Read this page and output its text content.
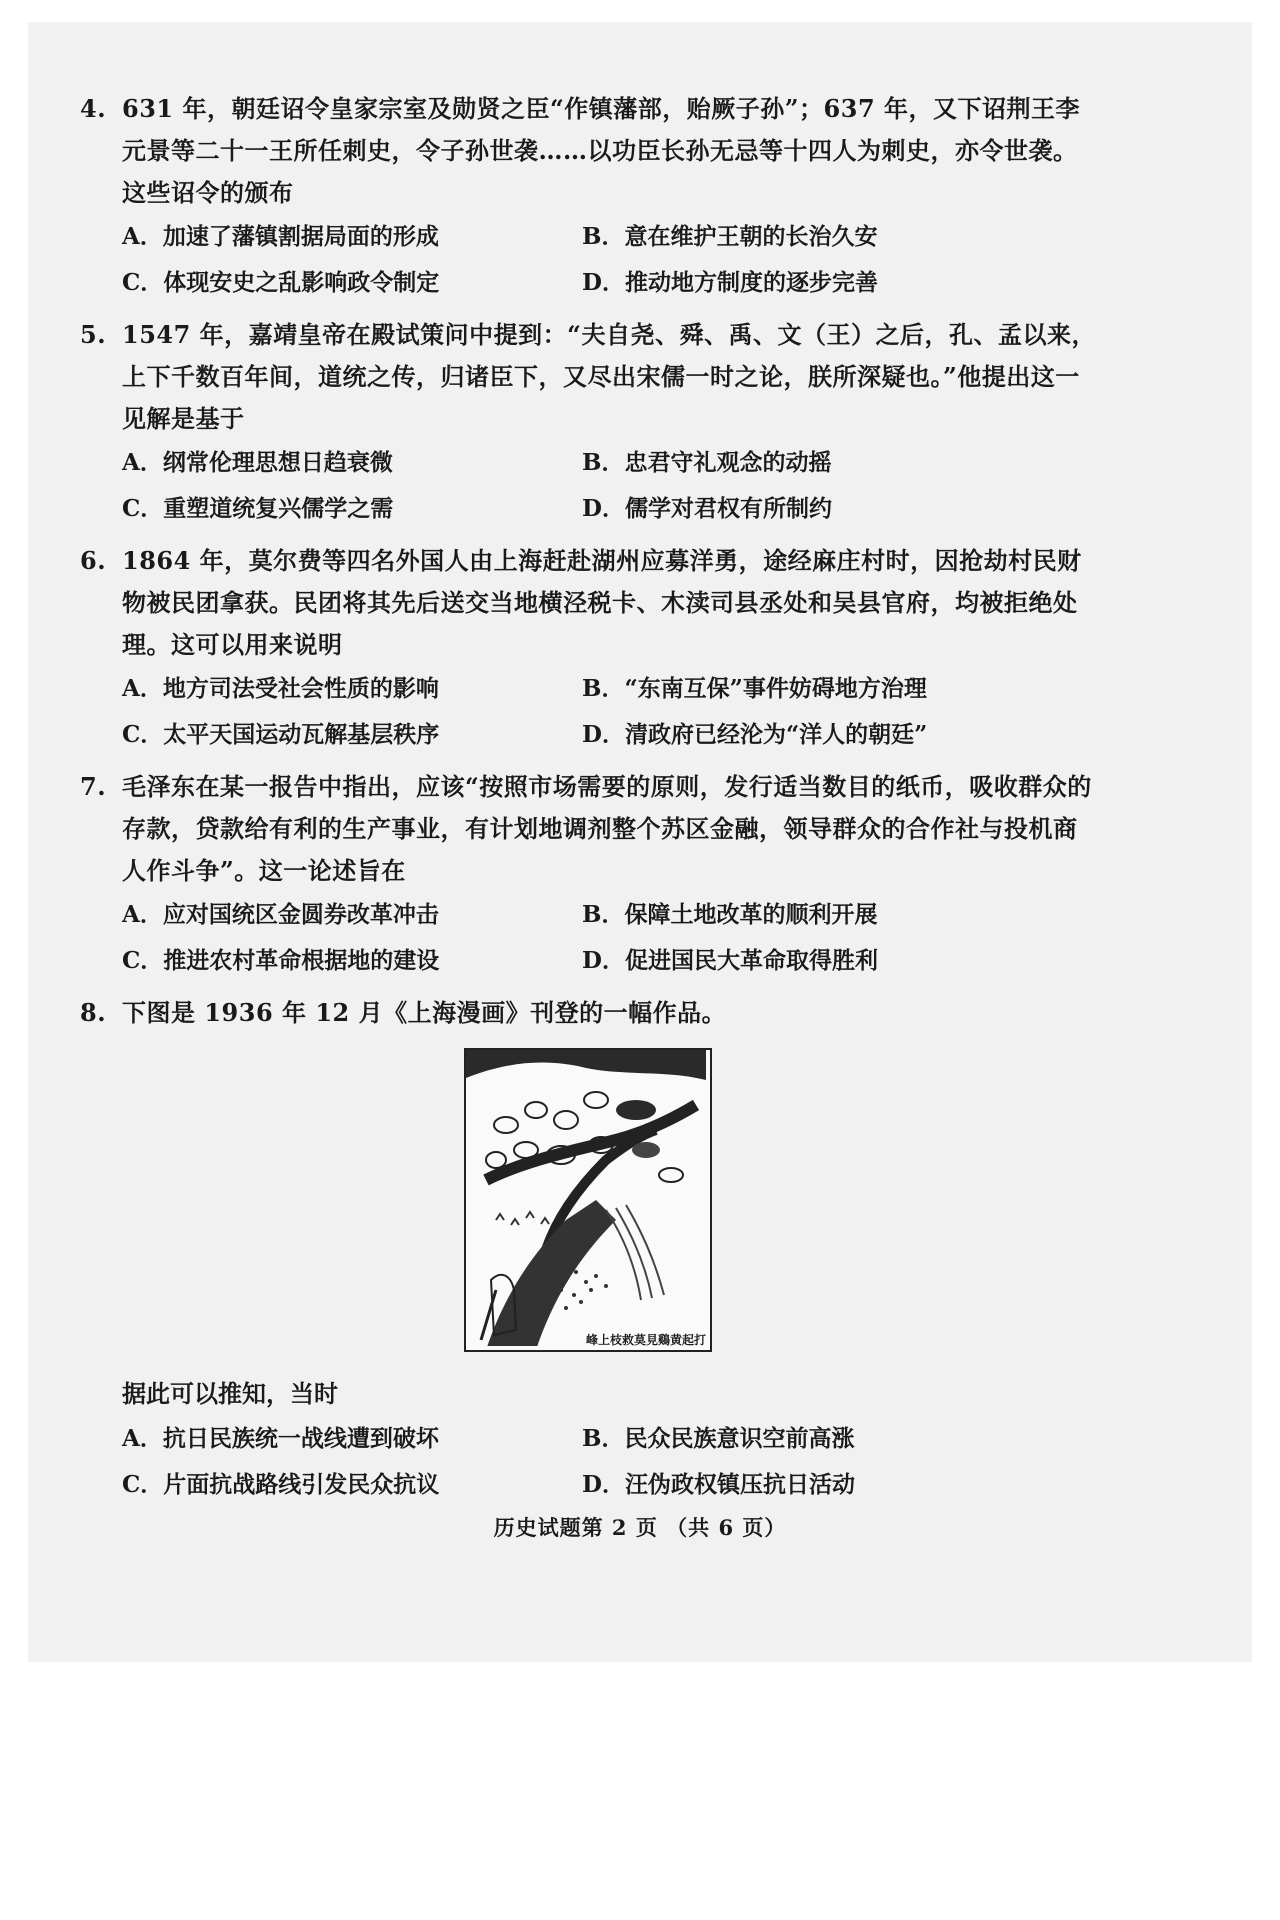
4. 631 年，朝廷诏令皇家宗室及勋贤之臣“作镇藩部，贻厥子孙”；637 年，又下诏荆王李元景等二十一王所任刺史，令子孙世袭……以功臣长孙无忌等十四人为刺史，亦令世袭。这些诏令的颁布
A．加速了藩镇割据局面的形成	B．意在维护王朝的长治久安
C．体现安史之乱影响政令制定	D．推动地方制度的逐步完善
5. 1547 年，嘉靖皇帝在殿试策问中提到：“夫自尧、舜、禹、文（王）之后，孔、孟以来，上下千数百年间，道统之传，归诸臣下，又尽出宋儒一时之论，朕所深疑也。”他提出这一见解是基于
A．纲常伦理思想日趋衰微	B．忠君守礼观念的动摇
C．重塑道统复兴儒学之需	D．儒学对君权有所制约
6. 1864 年，莫尔费等四名外国人由上海赶赴湖州应募洋勇，途经麻庄村时，因抢劫村民财物被民团拿获。民团将其先后送交当地横泾税卡、木渎司县丞处和吴县官府，均被拒绝处理。这可以用来说明
A．地方司法受社会性质的影响	B．“东南互保”事件妨碍地方治理
C．太平天国运动瓦解基层秩序	D．清政府已经沦为“洋人的朝廷”
7. 毛泽东在某一报告中指出，应该“按照市场需要的原则，发行适当数目的纸币，吸收群众的存款，贷款给有利的生产事业，有计划地调剂整个苏区金融，领导群众的合作社与投机商人作斗争”。这一论述旨在
A．应对国统区金圆券改革冲击	B．保障土地改革的顺利开展
C．推进农村革命根据地的建设	D．促进国民大革命取得胜利
8. 下图是 1936 年 12 月《上海漫画》刊登的一幅作品。
峰上枝救莫見鷄黄起打
据此可以推知，当时
A．抗日民族统一战线遭到破坏	B．民众民族意识空前高涨
C．片面抗战路线引发民众抗议	D．汪伪政权镇压抗日活动
历史试题第 2 页 （共 6 页）
